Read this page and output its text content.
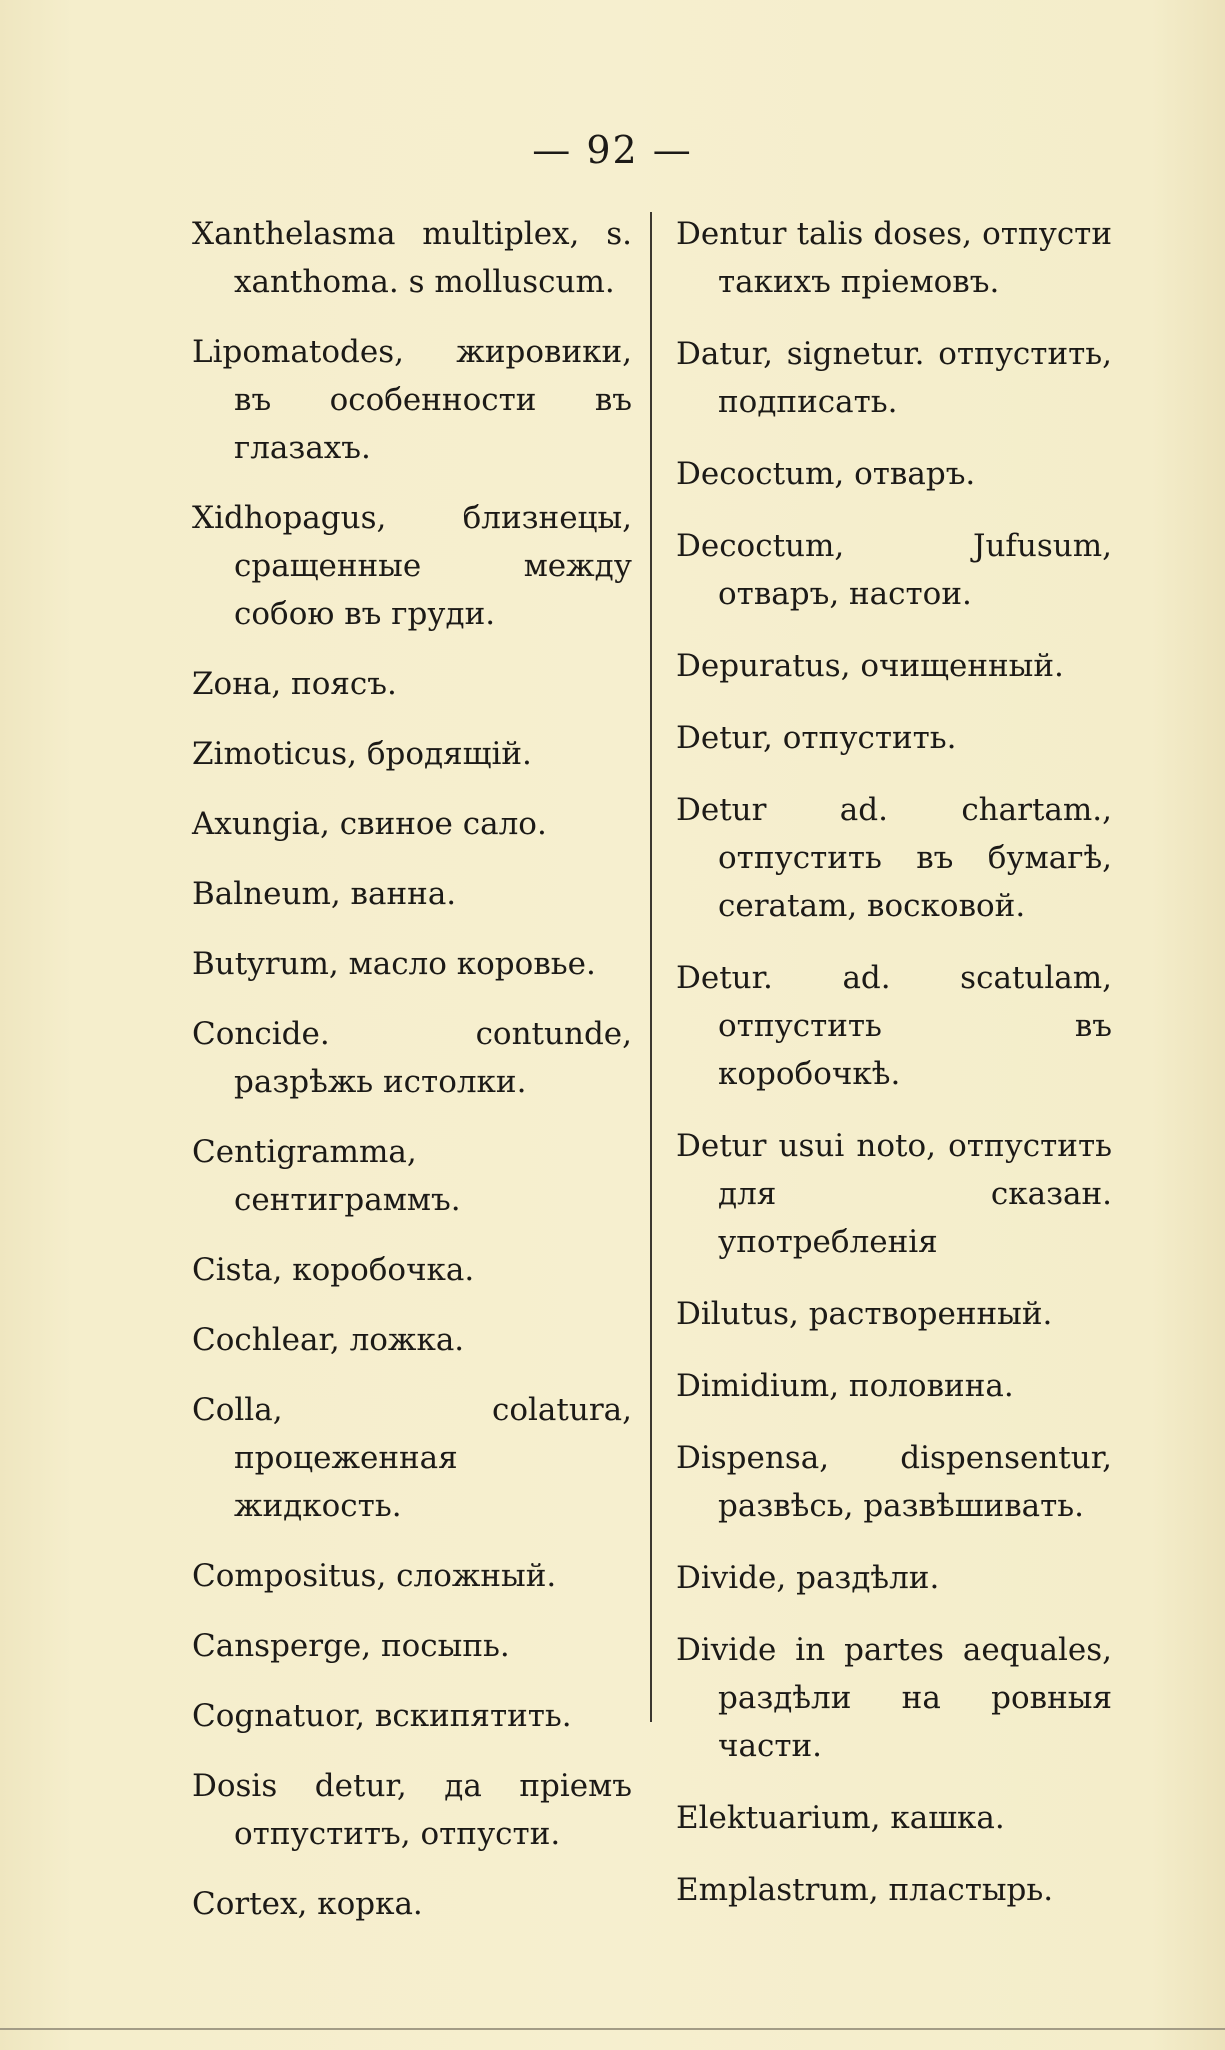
— 92 —
Xanthelasma multiplex, s. xanthoma. s molluscum.
Lipomatodes, жировики, въ особенности въ глазахъ.
Xidhopagus, близнецы, сращенные между собою въ груди.
Zона, поясъ.
Zimoticus, бродящій.
Axungia, свиное сало.
Balneum, ванна.
Butyrum, масло коровье.
Concide. contunde, разрѣжь истолки.
Centigramma, сентиграммъ.
Cista, коробочка.
Cochlear, ложка.
Colla, colatura, процеженная жидкость.
Compositus, сложный.
Cansperge, посыпь.
Cognatuor, вскипятить.
Dosis detur, да пріемъ отпуститъ, отпусти.
Cortex, корка.
Dentur talis doses, отпусти такихъ пріемовъ.
Datur, signetur. отпустить, подписать.
Decoctum, отваръ.
Decoctum, Jufusum, отваръ, настои.
Depuratus, очищенный.
Detur, отпустить.
Detur ad. chartam., отпустить въ бумагѣ, cerаtam, восковой.
Detur. ad. scatulam, отпустить въ коробочкѣ.
Detur usui noto, отпустить для сказан. употребленія
Dilutus, растворенный.
Dimidium, половина.
Dispensa, dispensentur, развѣсь, развѣшивать.
Divide, раздѣли.
Divide in partes aequales, раздѣли на ровныя части.
Elektuarium, кашка.
Emplastrum, пластырь.
